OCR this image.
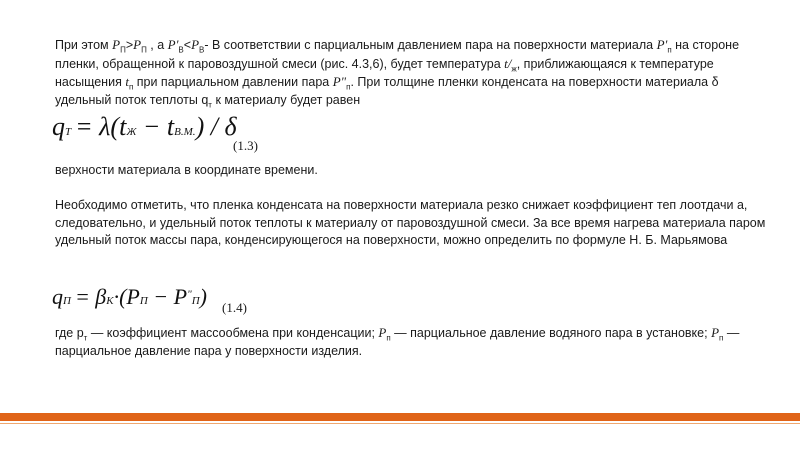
При этом $P_П>P_П$ , а $P'_В<P_В-$ В соответствии с парциальным давлением пара на поверхности материала $P'_п$ на стороне пленки, обращенной к паровоздушной смеси (рис. 4.3,6), будет температура $t/_ж$, приближающаяся к температуре насыщения $t_п$ при парциальном давлении пара $P"_п$. При толщине пленки конденсата на поверхности материала δ удельный поток теплоты $q_т$ к материалу будет равен
qT = λ(tЖ − tВ.М.) / δ
(1.3)
верхности материала в координате времени.
Необходимо отметить, что пленка конденсата на поверхности материала резко снижает коэффициент теп лоотдачи а, следовательно, и удельный поток теплоты к материалу от паровоздушной смеси. За все время нагрева материала паром удельный поток массы пара, конденсирующегося на поверхности, можно определить по формуле Н. Б. Марьямова
qП = βК·(PП − P"П) (1.4)
где $р_т$ — коэффициент массообмена при конденсации; $P_п$ — парциальное давление водяного пара в установке; $P_п$ —парциальное давление пара у поверхности изделия.
